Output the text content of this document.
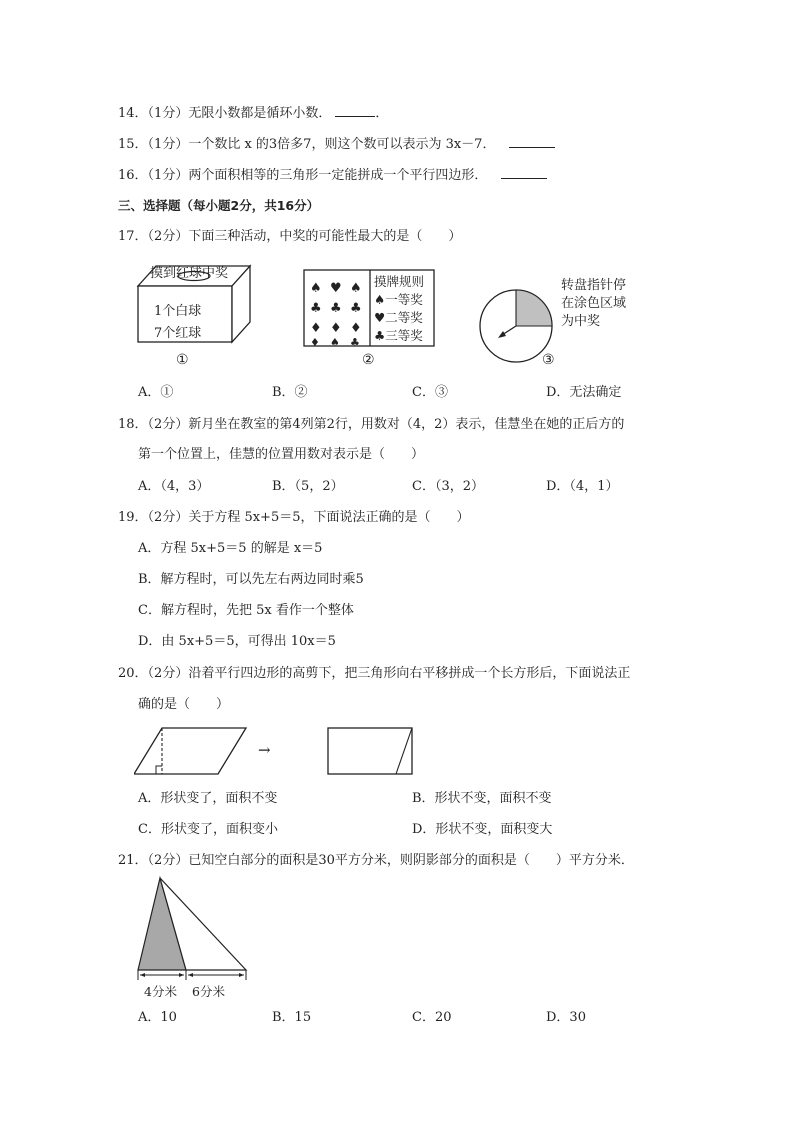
14．（1分）无限小数都是循环小数．	．
15．（1分）一个数比 x 的3倍多7，则这个数可以表示为 3x－7．
16．（1分）两个面积相等的三角形一定能拼成一个平行四边形．
三、选择题（每小题2分，共16分）
17．（2分）下面三种活动，中奖的可能性最大的是（　　）
♠ ♥ ♠
♣ ♣ ♣
♦ ♦ ♦
♦ ♠ ♣
摸到红球中奖
1个白球
7个红球
①
摸牌规则
♠一等奖
♥二等奖
♣三等奖
②
转盘指针停
在涂色区域
为中奖
③
A．①	B．②	C．③	D．无法确定
18．（2分）新月坐在教室的第4列第2行，用数对（4，2）表示，佳慧坐在她的正后方的
第一个位置上，佳慧的位置用数对表示是（　　）
A．（4，3）	B．（5，2）	C．（3，2）	D．（4，1）
19．（2分）关于方程 5x+5＝5，下面说法正确的是（　　）
A．方程 5x+5＝5 的解是 x＝5
B．解方程时，可以先左右两边同时乘5
C．解方程时，先把 5x 看作一个整体
D．由 5x+5＝5，可得出 10x＝5
20．（2分）沿着平行四边形的高剪下，把三角形向右平移拼成一个长方形后，下面说法正
确的是（　　）
→
A．形状变了，面积不变	B．形状不变，面积不变
C．形状变了，面积变小	D．形状不变，面积变大
21．（2分）已知空白部分的面积是30平方分米，则阴影部分的面积是（　　）平方分米．
4分米 6分米
A．10	B．15	C．20	D．30
